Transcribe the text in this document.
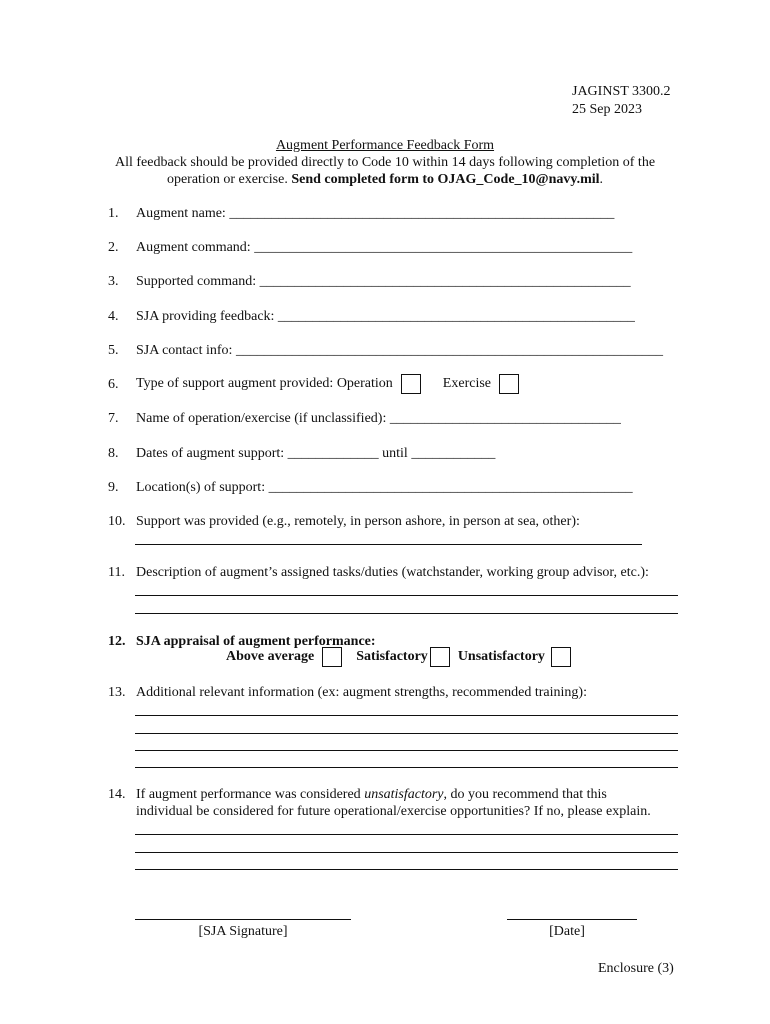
JAGINST 3300.2
25 Sep 2023
Augment Performance Feedback Form
All feedback should be provided directly to Code 10 within 14 days following completion of the
operation or exercise. Send completed form to OJAG_Code_10@navy.mil.
1.	Augment name: _______________________________________________________
2.	Augment command: ______________________________________________________
3.	Supported command: _____________________________________________________
4.	SJA providing feedback: ___________________________________________________
5.	SJA contact info: _____________________________________________________________
6.	Type of support augment provided: Operation	Exercise
7.	Name of operation/exercise (if unclassified): _________________________________
8.	Dates of augment support: _____________ until ____________
9.	Location(s) of support: ____________________________________________________
10. Support was provided (e.g., remotely, in person ashore, in person at sea, other):
11. Description of augment’s assigned tasks/duties (watchstander, working group advisor, etc.):
12. SJA appraisal of augment performance:
Above average	Satisfactory Unsatisfactory
13. Additional relevant information (ex: augment strengths, recommended training):
14. If augment performance was considered unsatisfactory, do you recommend that this
individual be considered for future operational/exercise opportunities? If no, please explain.
[SJA Signature]	[Date]
Enclosure (3)
